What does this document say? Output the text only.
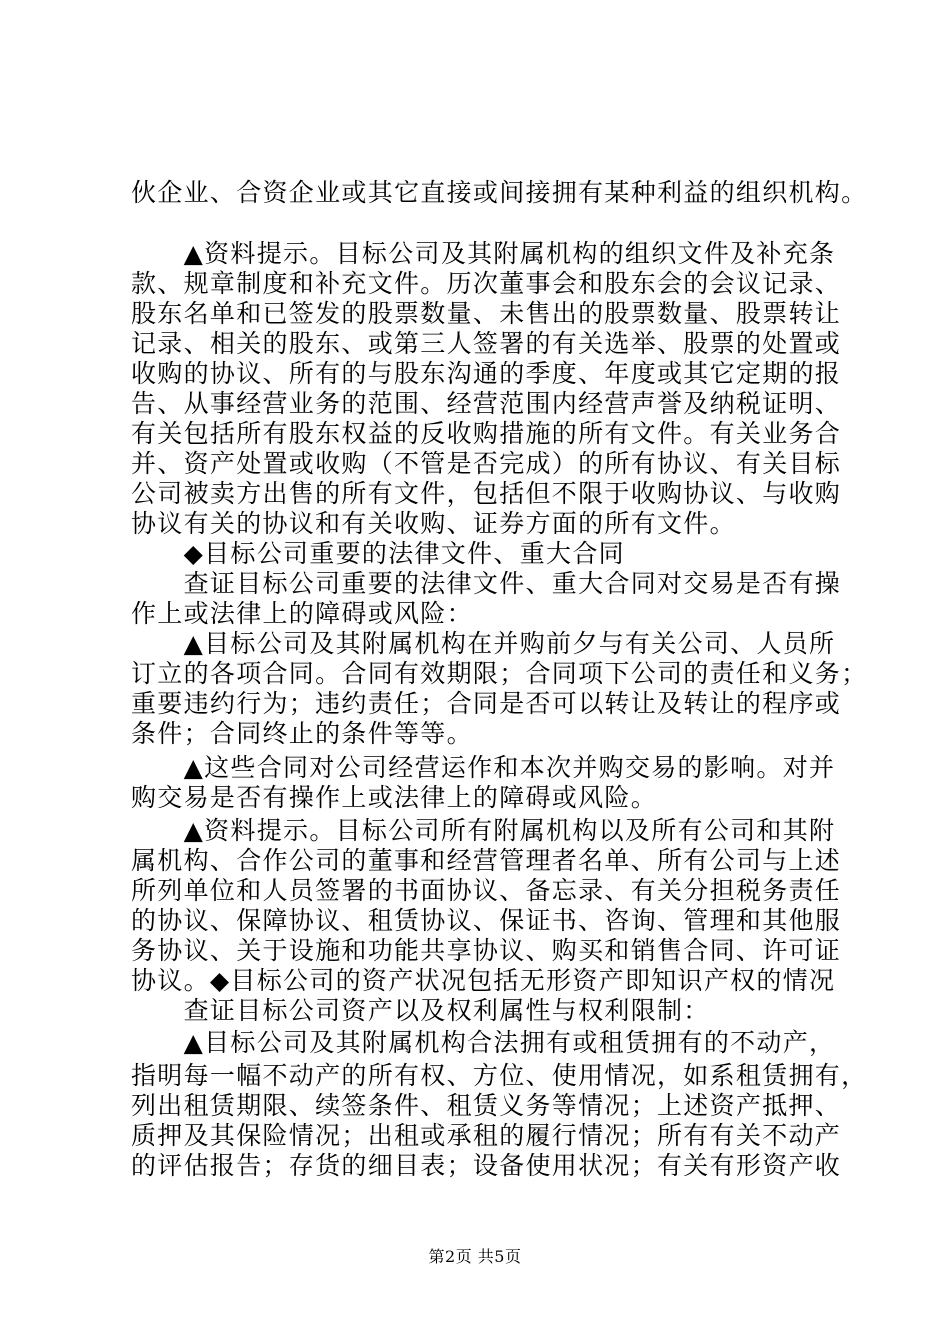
伙企业、合资企业或其它直接或间接拥有某种利益的组织机构。
　　▲资料提示。目标公司及其附属机构的组织文件及补充条
款、规章制度和补充文件。历次董事会和股东会的会议记录、
股东名单和已签发的股票数量、未售出的股票数量、股票转让
记录、相关的股东、或第三人签署的有关选举、股票的处置或
收购的协议、所有的与股东沟通的季度、年度或其它定期的报
告、从事经营业务的范围、经营范围内经营声誉及纳税证明、
有关包括所有股东权益的反收购措施的所有文件。有关业务合
并、资产处置或收购（不管是否完成）的所有协议、有关目标
公司被卖方出售的所有文件，包括但不限于收购协议、与收购
协议有关的协议和有关收购、证券方面的所有文件。
　　◆目标公司重要的法律文件、重大合同
　　查证目标公司重要的法律文件、重大合同对交易是否有操
作上或法律上的障碍或风险：
　　▲目标公司及其附属机构在并购前夕与有关公司、人员所
订立的各项合同。合同有效期限；合同项下公司的责任和义务；
重要违约行为；违约责任；合同是否可以转让及转让的程序或
条件；合同终止的条件等等。
　　▲这些合同对公司经营运作和本次并购交易的影响。对并
购交易是否有操作上或法律上的障碍或风险。
　　▲资料提示。目标公司所有附属机构以及所有公司和其附
属机构、合作公司的董事和经营管理者名单、所有公司与上述
所列单位和人员签署的书面协议、备忘录、有关分担税务责任
的协议、保障协议、租赁协议、保证书、咨询、管理和其他服
务协议、关于设施和功能共享协议、购买和销售合同、许可证
协议。◆目标公司的资产状况包括无形资产即知识产权的情况
　　查证目标公司资产以及权利属性与权利限制：
　　▲目标公司及其附属机构合法拥有或租赁拥有的不动产，
指明每一幅不动产的所有权、方位、使用情况，如系租赁拥有，
列出租赁期限、续签条件、租赁义务等情况；上述资产抵押、
质押及其保险情况；出租或承租的履行情况；所有有关不动产
的评估报告；存货的细目表；设备使用状况；有关有形资产收
第2页 共5页
